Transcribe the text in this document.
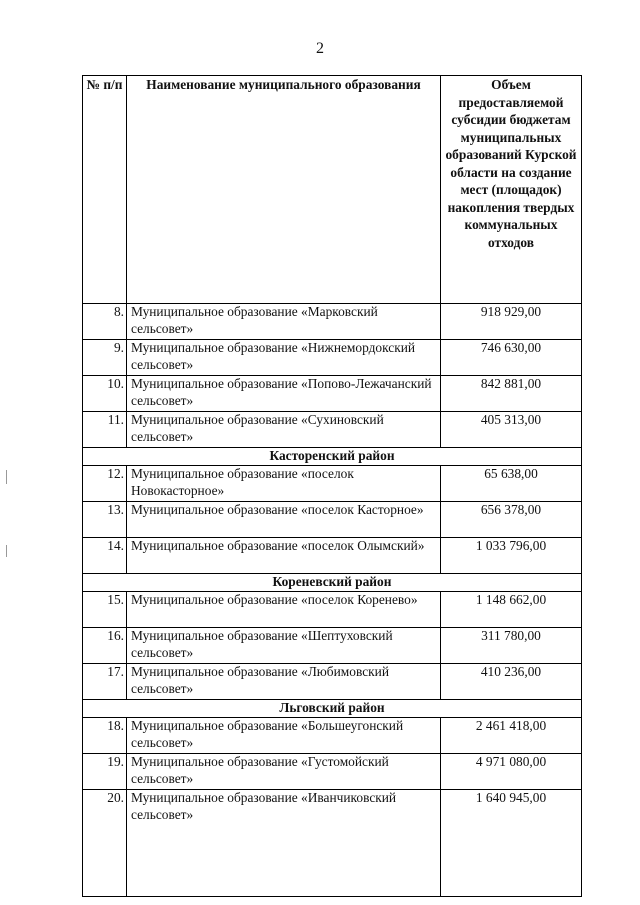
2
№ п/п	Наименование муниципального образования	Объем предоставляемой субсидии бюджетам муниципальных образований Курской области на создание мест (площадок) накопления твердых коммунальных отходов
8.	Муниципальное образование «Марковский сельсовет»	918 929,00
9.	Муниципальное образование «Нижнемордокский сельсовет»	746 630,00
10.	Муниципальное образование «Попово-Лежачанский сельсовет»	842 881,00
11.	Муниципальное образование «Сухиновский сельсовет»	405 313,00
Касторенский район		
12.	Муниципальное образование «поселок Новокасторное»	65 638,00
13.	Муниципальное образование «поселок Касторное»	656 378,00
14.	Муниципальное образование «поселок Олымский»	1 033 796,00
Кореневский район		
15.	Муниципальное образование «поселок Коренево»	1 148 662,00
16.	Муниципальное образование «Шептуховский сельсовет»	311 780,00
17.	Муниципальное образование «Любимовский сельсовет»	410 236,00
Льговский район		
18.	Муниципальное образование «Большеугонский сельсовет»	2 461 418,00
19.	Муниципальное образование «Густомойский сельсовет»	4 971 080,00
20.	Муниципальное образование «Иванчиковский сельсовет»	1 640 945,00
